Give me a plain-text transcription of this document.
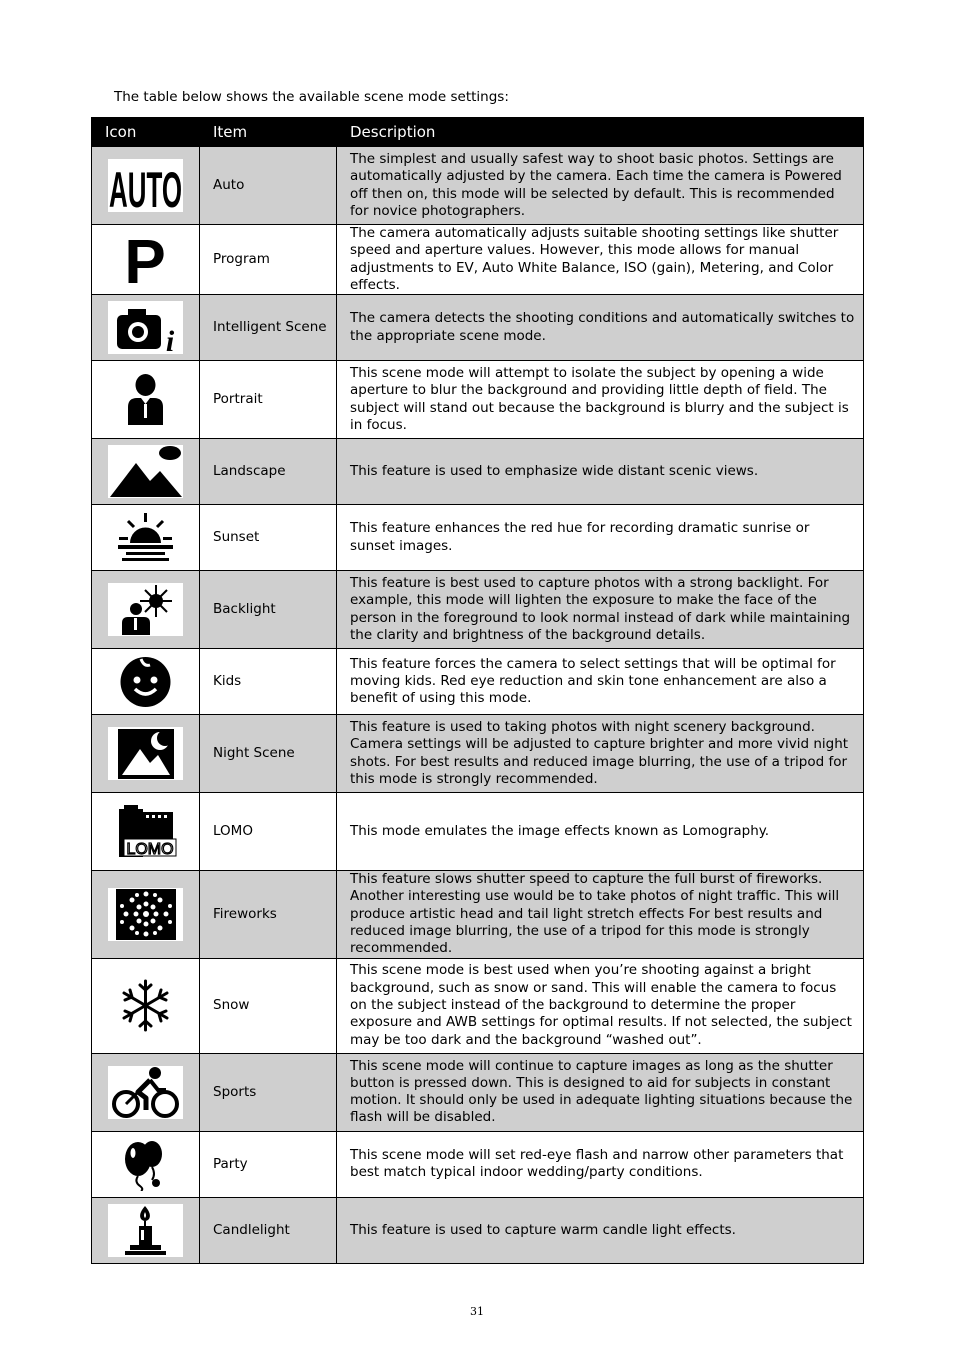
The table below shows the available scene mode settings:
Icon	Item	Description

AUTO	Auto	The simplest and usually safest way to shoot basic photos. Settings are automatically adjusted by the camera. Each time the camera is Powered off then on, this mode will be selected by default. This is recommended for novice photographers.

P	Program	The camera automatically adjusts suitable shooting settings like shutter speed and aperture values. However, this mode allows for manual adjustments to EV, Auto White Balance, ISO (gain), Metering, and Color effects.

i	Intelligent Scene	The camera detects the shooting conditions and automatically switches to the appropriate scene mode.

	Portrait	This scene mode will attempt to isolate the subject by opening a wide aperture to blur the background and providing little depth of field. The subject will stand out because the background is blurry and the subject is in focus.

	Landscape	This feature is used to emphasize wide distant scenic views.

	Sunset	This feature enhances the red hue for recording dramatic sunrise or sunset images.

	Backlight	This feature is best used to capture photos with a strong backlight. For example, this mode will lighten the exposure to make the face of the person in the foreground to look normal instead of dark while maintaining the clarity and brightness of the background details.

	Kids	This feature forces the camera to select settings that will be optimal for moving kids. Red eye reduction and skin tone enhancement are also a benefit of using this mode.

	Night Scene	This feature is used to taking photos with night scenery background. Camera settings will be adjusted to capture brighter and more vivid night shots. For best results and reduced image blurring, the use of a tripod for this mode is strongly recommended.

LOMO	LOMO	This mode emulates the image effects known as Lomography.

	Fireworks	This feature slows shutter speed to capture the full burst of fireworks. Another interesting use would be to take photos of night traffic. This will produce artistic head and tail light stretch effects For best results and reduced image blurring, the use of a tripod for this mode is strongly recommended.

	Snow	This scene mode is best used when you’re shooting against a bright background, such as snow or sand. This will enable the camera to focus on the subject instead of the background to determine the proper exposure and AWB settings for optimal results. If not selected, the subject may be too dark and the background “washed out”.

	Sports	This scene mode will continue to capture images as long as the shutter button is pressed down. This is designed to aid for subjects in constant motion. It should only be used in adequate lighting situations because the flash will be disabled.

	Party	This scene mode will set red-eye flash and narrow other parameters that best match typical indoor wedding/party conditions.

	Candlelight	This feature is used to capture warm candle light effects.
31
